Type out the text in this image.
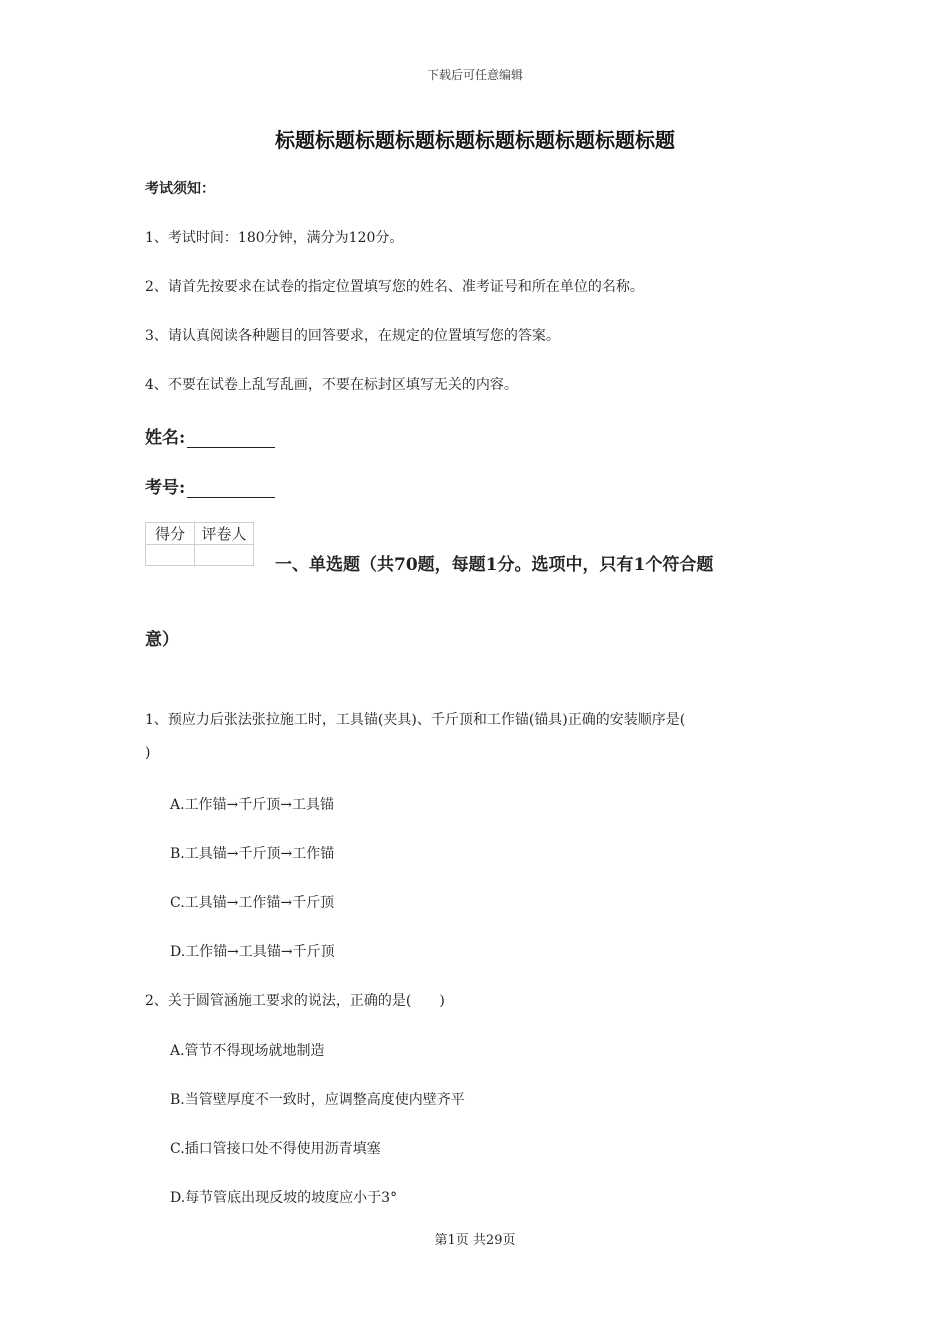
下载后可任意编辑
标题标题标题标题标题标题标题标题标题标题
考试须知：
1、考试时间：180分钟，满分为120分。
2、请首先按要求在试卷的指定位置填写您的姓名、准考证号和所在单位的名称。
3、请认真阅读各种题目的回答要求，在规定的位置填写您的答案。
4、不要在试卷上乱写乱画，不要在标封区填写无关的内容。
姓名:
考号:
得分	评卷人

一、单选题（共70题，每题1分。选项中，只有1个符合题
意）
1、预应力后张法张拉施工时，工具锚(夹具)、千斤顶和工作锚(锚具)正确的安装顺序是(
)
A.工作锚→千斤顶→工具锚
B.工具锚→千斤顶→工作锚
C.工具锚→工作锚→千斤顶
D.工作锚→工具锚→千斤顶
2、关于圆管涵施工要求的说法，正确的是(　　)
A.管节不得现场就地制造
B.当管壁厚度不一致时，应调整高度使内壁齐平
C.插口管接口处不得使用沥青填塞
D.每节管底出现反坡的坡度应小于3°
第1页 共29页
